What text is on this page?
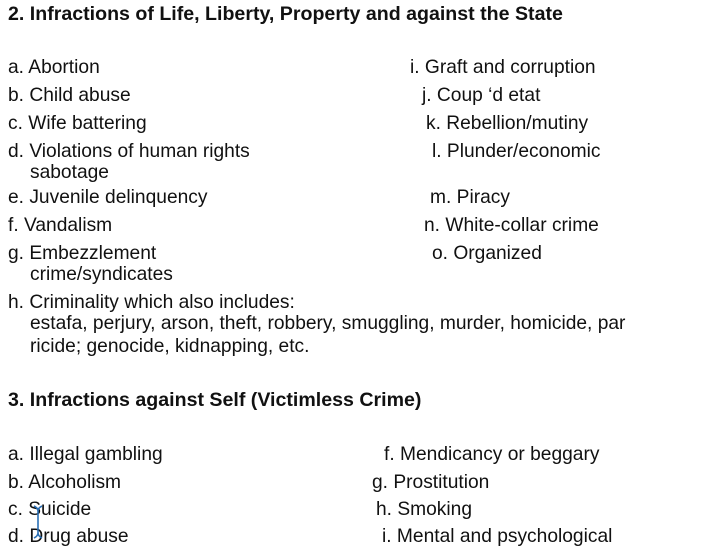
2. Infractions of Life, Liberty, Property and against the State
a. Abortion
b. Child abuse
c. Wife battering
d. Violations of human rights
sabotage
e. Juvenile delinquency
f. Vandalism
g. Embezzlement
crime/syndicates
h. Criminality which also includes:
estafa, perjury, arson, theft, robbery, smuggling, murder, homicide, par
ricide; genocide, kidnapping, etc.
i. Graft and corruption
j. Coup ‘d etat
k. Rebellion/mutiny
l. Plunder/economic
m. Piracy
n. White-collar crime
o. Organized
3. Infractions against Self (Victimless Crime)
a. Illegal gambling
b. Alcoholism
c. Suicide
d. Drug abuse
f. Mendicancy or beggary
g. Prostitution
h. Smoking
i. Mental and psychological
